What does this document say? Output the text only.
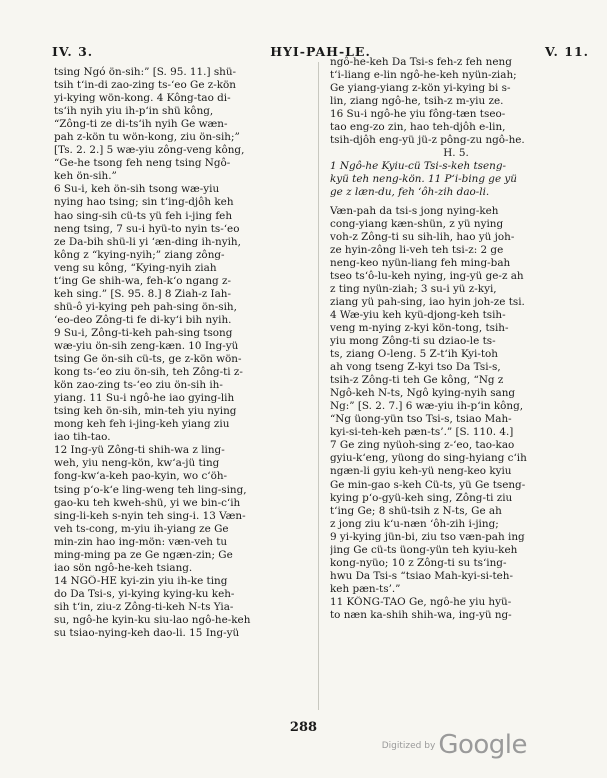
IV. 3.	HYI-PAH-LE.	V. 11.
tsing Ngó ön-sih:” [S. 95. 11.] shü-
tsih t‘in-di zao-zing ts-‘eo Ge z-kön
yi-kying wön-kong. 4 Kông-tao di-
ts‘ih nyih yiu ih-p‘in shü kông,
“Zông-ti ze di-ts‘ih nyih Ge wæn-
pah z-kön tu wön-kong, ziu ön-sih;”
[Ts. 2. 2.] 5 wæ-yiu zông-veng kông,
“Ge-he tsong feh neng tsing Ngô-
keh ön-sih.”
6 Su-i, keh ön-sih tsong wæ-yiu
nying hao tsing; sin t‘ing-djôh keh
hao sing-sih cü-ts yü feh i-jing feh
neng tsing, 7 su-i hyü-to nyin ts-‘eo
ze Da-bih shü-li yi ‘æn-ding ih-nyih,
kông z “kying-nyih;” ziang zông-
veng su kông, “Kying-nyih ziah
t‘ing Ge shih-wa, feh-k‘o ngang z-
keh sing.” [S. 95. 8.] 8 Ziah-z Iah-
shü-ô yi-kying peh pah-sing ön-sih,
‘eo-deo Zông-ti fe di-ky‘i bih nyih.
9 Su-i, Zông-ti-keh pah-sing tsong
wæ-yiu ön-sih zeng-kæn. 10 Ing-yü
tsing Ge ön-sih cü-ts, ge z-kön wön-
kong ts-‘eo ziu ön-sih, teh Zông-ti z-
kön zao-zing ts-‘eo ziu ön-sih ih-
yiang. 11 Su-i ngô-he iao gying-lih
tsing keh ön-sih, min-teh yiu nying
mong keh feh i-jing-keh yiang ziu
iao tih-tao.
12 Ing-yü Zông-ti shih-wa z ling-
weh, yiu neng-kön, kw‘a-jü ting
fong-kw‘a-keh pao-kyin, wo c‘öh-
tsing p‘o-k‘e ling-weng teh ling-sing,
gao-ku teh kweh-shü, yi we bin-c‘ih
sing-li-keh s-nyin teh sing-i. 13 Væn-
veh ts-cong, m-yiu ih-yiang ze Ge
min-zin hao ing-mön: væn-veh tu
ming-ming pa ze Ge ngæn-zin; Ge
iao sön ngô-he-keh tsiang.
14 NGÔ-HE kyi-zin yiu ih-ke ting
do Da Tsi-s, yi-kying kying-ku keh-
sih t‘in, ziu-z Zông-ti-keh N-ts Yia-
su, ngô-he kyin-ku siu-lao ngô-he-keh
su tsiao-nying-keh dao-li. 15 Ing-yü
ngô-he-keh Da Tsi-s feh-z feh neng
t‘i-liang e-lin ngô-he-keh nyün-ziah;
Ge yiang-yiang z-kön yi-kying bi s-
lin, ziang ngô-he, tsih-z m-yiu ze.
16 Su-i ngô-he yiu fông-tæn tseo-
tao eng-zo zin, hao teh-djôh e-lin,
tsih-djôh eng-yü jü-z pông-zu ngô-he.
H. 5.
1 Ngô-he Kyiu-cü Tsi-s-keh tseng-
kyü teh neng-kön. 11 P‘i-bing ge yü
ge z læn-du, feh ‘ôh-zih dao-li.
Væn-pah da tsi-s jong nying-keh
cong-yiang kæn-shün, z yü nying
voh-z Zông-ti su sih-lih, hao yü joh-
ze hyin-zông li-veh teh tsi-z: 2 ge
neng-keo nyün-liang feh ming-bah
tseo ts‘ô-lu-keh nying, ing-yü ge-z ah
z ting nyün-ziah; 3 su-i yü z-kyi,
ziang yü pah-sing, iao hyin joh-ze tsi.
4 Wæ-yiu keh kyü-djong-keh tsih-
veng m-nying z-kyi kön-tong, tsih-
yiu mong Zông-ti su dziao-le ts-
ts, ziang O-leng. 5 Z-t‘ih Kyi-toh
ah vong tseng Z-kyi tso Da Tsi-s,
tsih-z Zông-ti teh Ge kông, “Ng z
Ngô-keh N-ts, Ngô kying-nyih sang
Ng:” [S. 2. 7.] 6 wæ-yiu ih-p‘in kông,
“Ng üong-yün tso Tsi-s, tsiao Mah-
kyi-si-teh-keh pæn-ts’.” [S. 110. 4.]
7 Ge zing nyüoh-sing z-‘eo, tao-kao
gyiu-k‘eng, yüong do sing-hyiang c‘ih
ngæn-li gyiu keh-yü neng-keo kyiu
Ge min-gao s-keh Cü-ts, yü Ge tseng-
kying p‘o-gyü-keh sing, Zông-ti ziu
t‘ing Ge; 8 shü-tsih z N-ts, Ge ah
z jong ziu k‘u-næn ‘ôh-zih i-jing;
9 yi-kying jün-bi, ziu tso væn-pah ing
jing Ge cü-ts üong-yün teh kyiu-keh
kong-nyüo; 10 z Zông-ti su ts‘ing-
hwu Da Tsi-s “tsiao Mah-kyi-si-teh-
keh pæn-ts’.”
11 KÔNG-TAO Ge, ngô-he yiu hyü-
to næn ka-shih shih-wa, ing-yü ng-
288
Digitized by Google
